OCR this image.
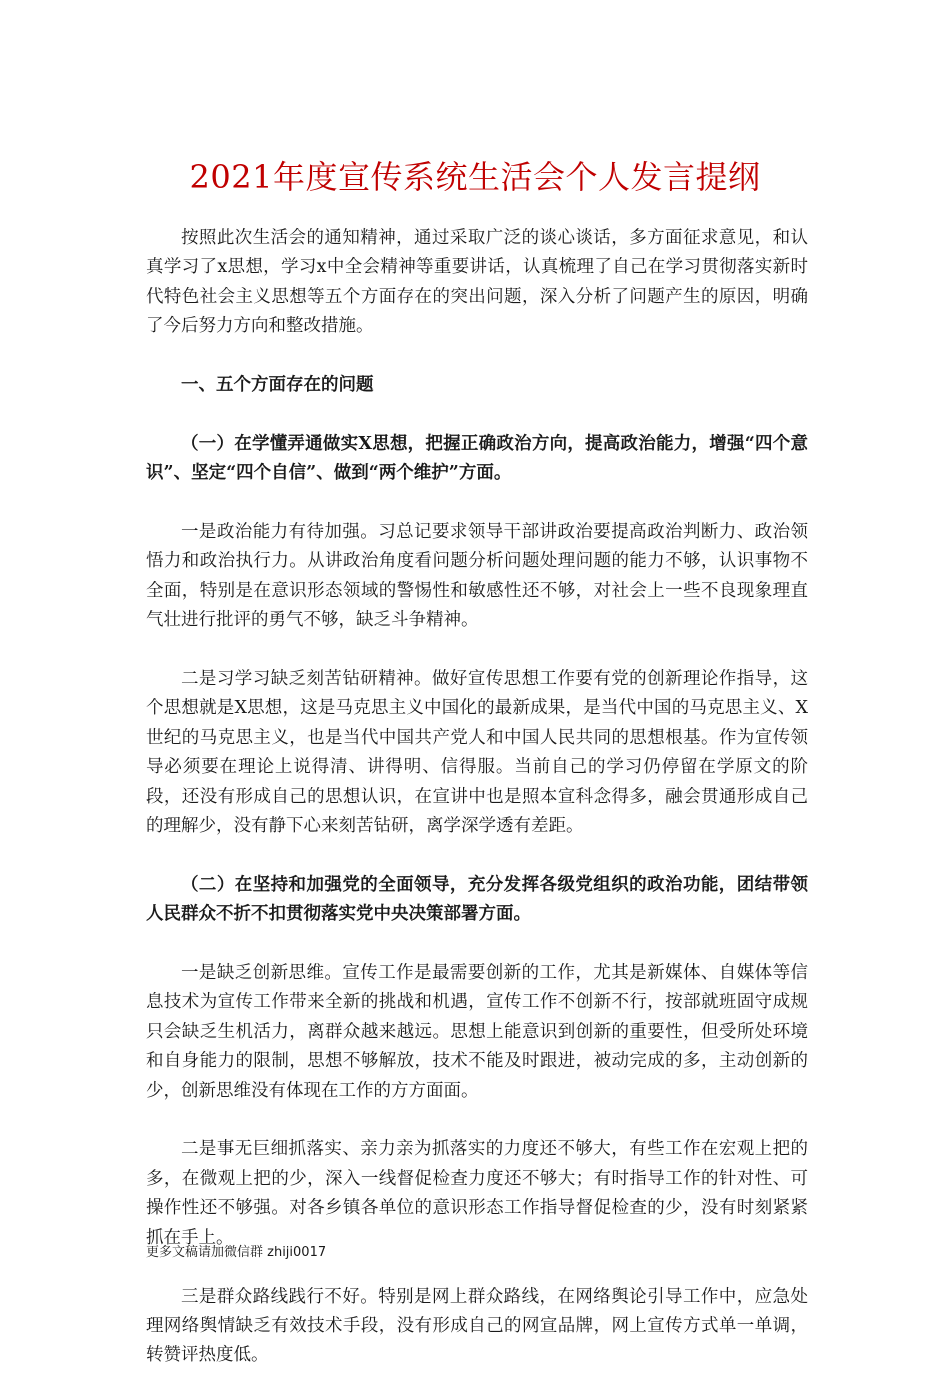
2021年度宣传系统生活会个人发言提纲

按照此次生活会的通知精神，通过采取广泛的谈心谈话，多方面征求意见，和认真学习了x思想，学习x中全会精神等重要讲话，认真梳理了自己在学习贯彻落实新时代特色社会主义思想等五个方面存在的突出问题，深入分析了问题产生的原因，明确了今后努力方向和整改措施。

一、五个方面存在的问题

（一）在学懂弄通做实X思想，把握正确政治方向，提高政治能力，增强“四个意识”、坚定“四个自信”、做到“两个维护”方面。

一是政治能力有待加强。习总记要求领导干部讲政治要提高政治判断力、政治领悟力和政治执行力。从讲政治角度看问题分析问题处理问题的能力不够，认识事物不全面，特别是在意识形态领域的警惕性和敏感性还不够，对社会上一些不良现象理直气壮进行批评的勇气不够，缺乏斗争精神。

二是习学习缺乏刻苦钻研精神。做好宣传思想工作要有党的创新理论作指导，这个思想就是X思想，这是马克思主义中国化的最新成果，是当代中国的马克思主义、X世纪的马克思主义，也是当代中国共产党人和中国人民共同的思想根基。作为宣传领导必须要在理论上说得清、讲得明、信得服。当前自己的学习仍停留在学原文的阶段，还没有形成自己的思想认识，在宣讲中也是照本宣科念得多，融会贯通形成自己的理解少，没有静下心来刻苦钻研，离学深学透有差距。

（二）在坚持和加强党的全面领导，充分发挥各级党组织的政治功能，团结带领人民群众不折不扣贯彻落实党中央决策部署方面。

一是缺乏创新思维。宣传工作是最需要创新的工作，尤其是新媒体、自媒体等信息技术为宣传工作带来全新的挑战和机遇，宣传工作不创新不行，按部就班固守成规只会缺乏生机活力，离群众越来越远。思想上能意识到创新的重要性，但受所处环境和自身能力的限制，思想不够解放，技术不能及时跟进，被动完成的多，主动创新的少，创新思维没有体现在工作的方方面面。

二是事无巨细抓落实、亲力亲为抓落实的力度还不够大，有些工作在宏观上把的多，在微观上把的少，深入一线督促检查力度还不够大；有时指导工作的针对性、可操作性还不够强。对各乡镇各单位的意识形态工作指导督促检查的少，没有时刻紧紧抓在手上。

三是群众路线践行不好。特别是网上群众路线，在网络舆论引导工作中，应急处理网络舆情缺乏有效技术手段，没有形成自己的网宣品牌，网上宣传方式单一单调，转赞评热度低。

更多文稿请加微信群 zhiji0017
